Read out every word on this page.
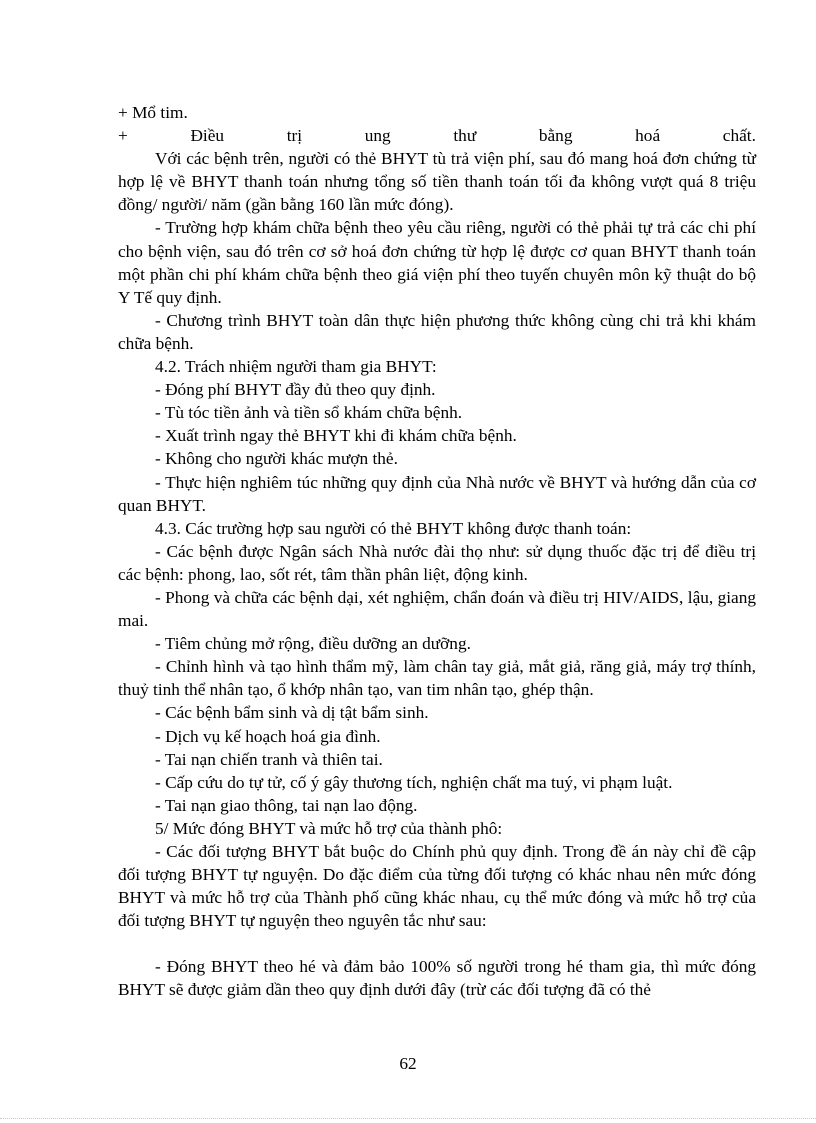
+ Mổ tim.

+	Điều	trị	ung	thư	bằng	hoá	chất.

Với các bệnh trên, người có thẻ BHYT tù trả viện phí, sau đó mang hoá đơn chứng từ hợp lệ về BHYT thanh toán nhưng tổng số tiền thanh toán tối đa không vượt quá 8 triệu đồng/ người/ năm (gần bằng 160 lần mức đóng).

- Trường hợp khám chữa bệnh theo yêu cầu riêng, người có thẻ phải tự trả các chi phí cho bệnh viện, sau đó trên cơ sở hoá đơn chứng từ hợp lệ được cơ quan BHYT thanh toán một phần chi phí khám chữa bệnh theo giá viện phí theo tuyến chuyên môn kỹ thuật do bộ Y Tế quy định.

- Chương trình BHYT toàn dân thực hiện phương thức không cùng chi trả khi khám chữa bệnh.

4.2. Trách nhiệm người tham gia BHYT:

- Đóng phí BHYT đầy đủ theo quy định.

- Tù tóc tiền ảnh và tiền sổ khám chữa bệnh.

- Xuất trình ngay thẻ BHYT khi đi khám chữa bệnh.

- Không cho người khác mượn thẻ.

- Thực hiện nghiêm túc những quy định của Nhà nước về BHYT và hướng dẫn của cơ quan BHYT.

4.3. Các trường hợp sau người có thẻ BHYT không được thanh toán:

- Các bệnh được Ngân sách Nhà nước đài thọ như: sử dụng thuốc đặc trị để điều trị các bệnh: phong, lao, sốt rét, tâm thần phân liệt, động kinh.

- Phong và chữa các bệnh dại, xét nghiệm, chẩn đoán và điều trị HIV/AIDS, lậu, giang mai.

- Tiêm chủng mở rộng, điều dưỡng an dưỡng.

- Chỉnh hình và tạo hình thẩm mỹ, làm chân tay giả, mắt giả, răng giả, máy trợ thính, thuỷ tinh thể nhân tạo, ổ khớp nhân tạo, van tim nhân tạo, ghép thận.

- Các bệnh bẩm sinh và dị tật bẩm sinh.

- Dịch vụ kế hoạch hoá gia đình.

- Tai nạn chiến tranh và thiên tai.

- Cấp cứu do tự tử, cố ý gây thương tích, nghiện chất ma tuý, vi phạm luật.

- Tai nạn giao thông, tai nạn lao động.

5/ Mức đóng BHYT và mức hỗ trợ của thành phô:

- Các đối tượng BHYT bắt buộc do Chính phủ quy định. Trong đề án này chỉ đề cập đối tượng BHYT tự nguyện. Do đặc điểm của từng đối tượng có khác nhau nên mức đóng BHYT và mức hỗ trợ của Thành phố cũng khác nhau, cụ thể mức đóng và mức hỗ trợ của đối tượng BHYT tự nguyện theo nguyên tắc như sau:

- Đóng BHYT theo hé và đảm bảo 100% số người trong hé tham gia, thì mức đóng BHYT sẽ được giảm dần theo quy định dưới đây (trừ các đối tượng đã có thẻ

62
